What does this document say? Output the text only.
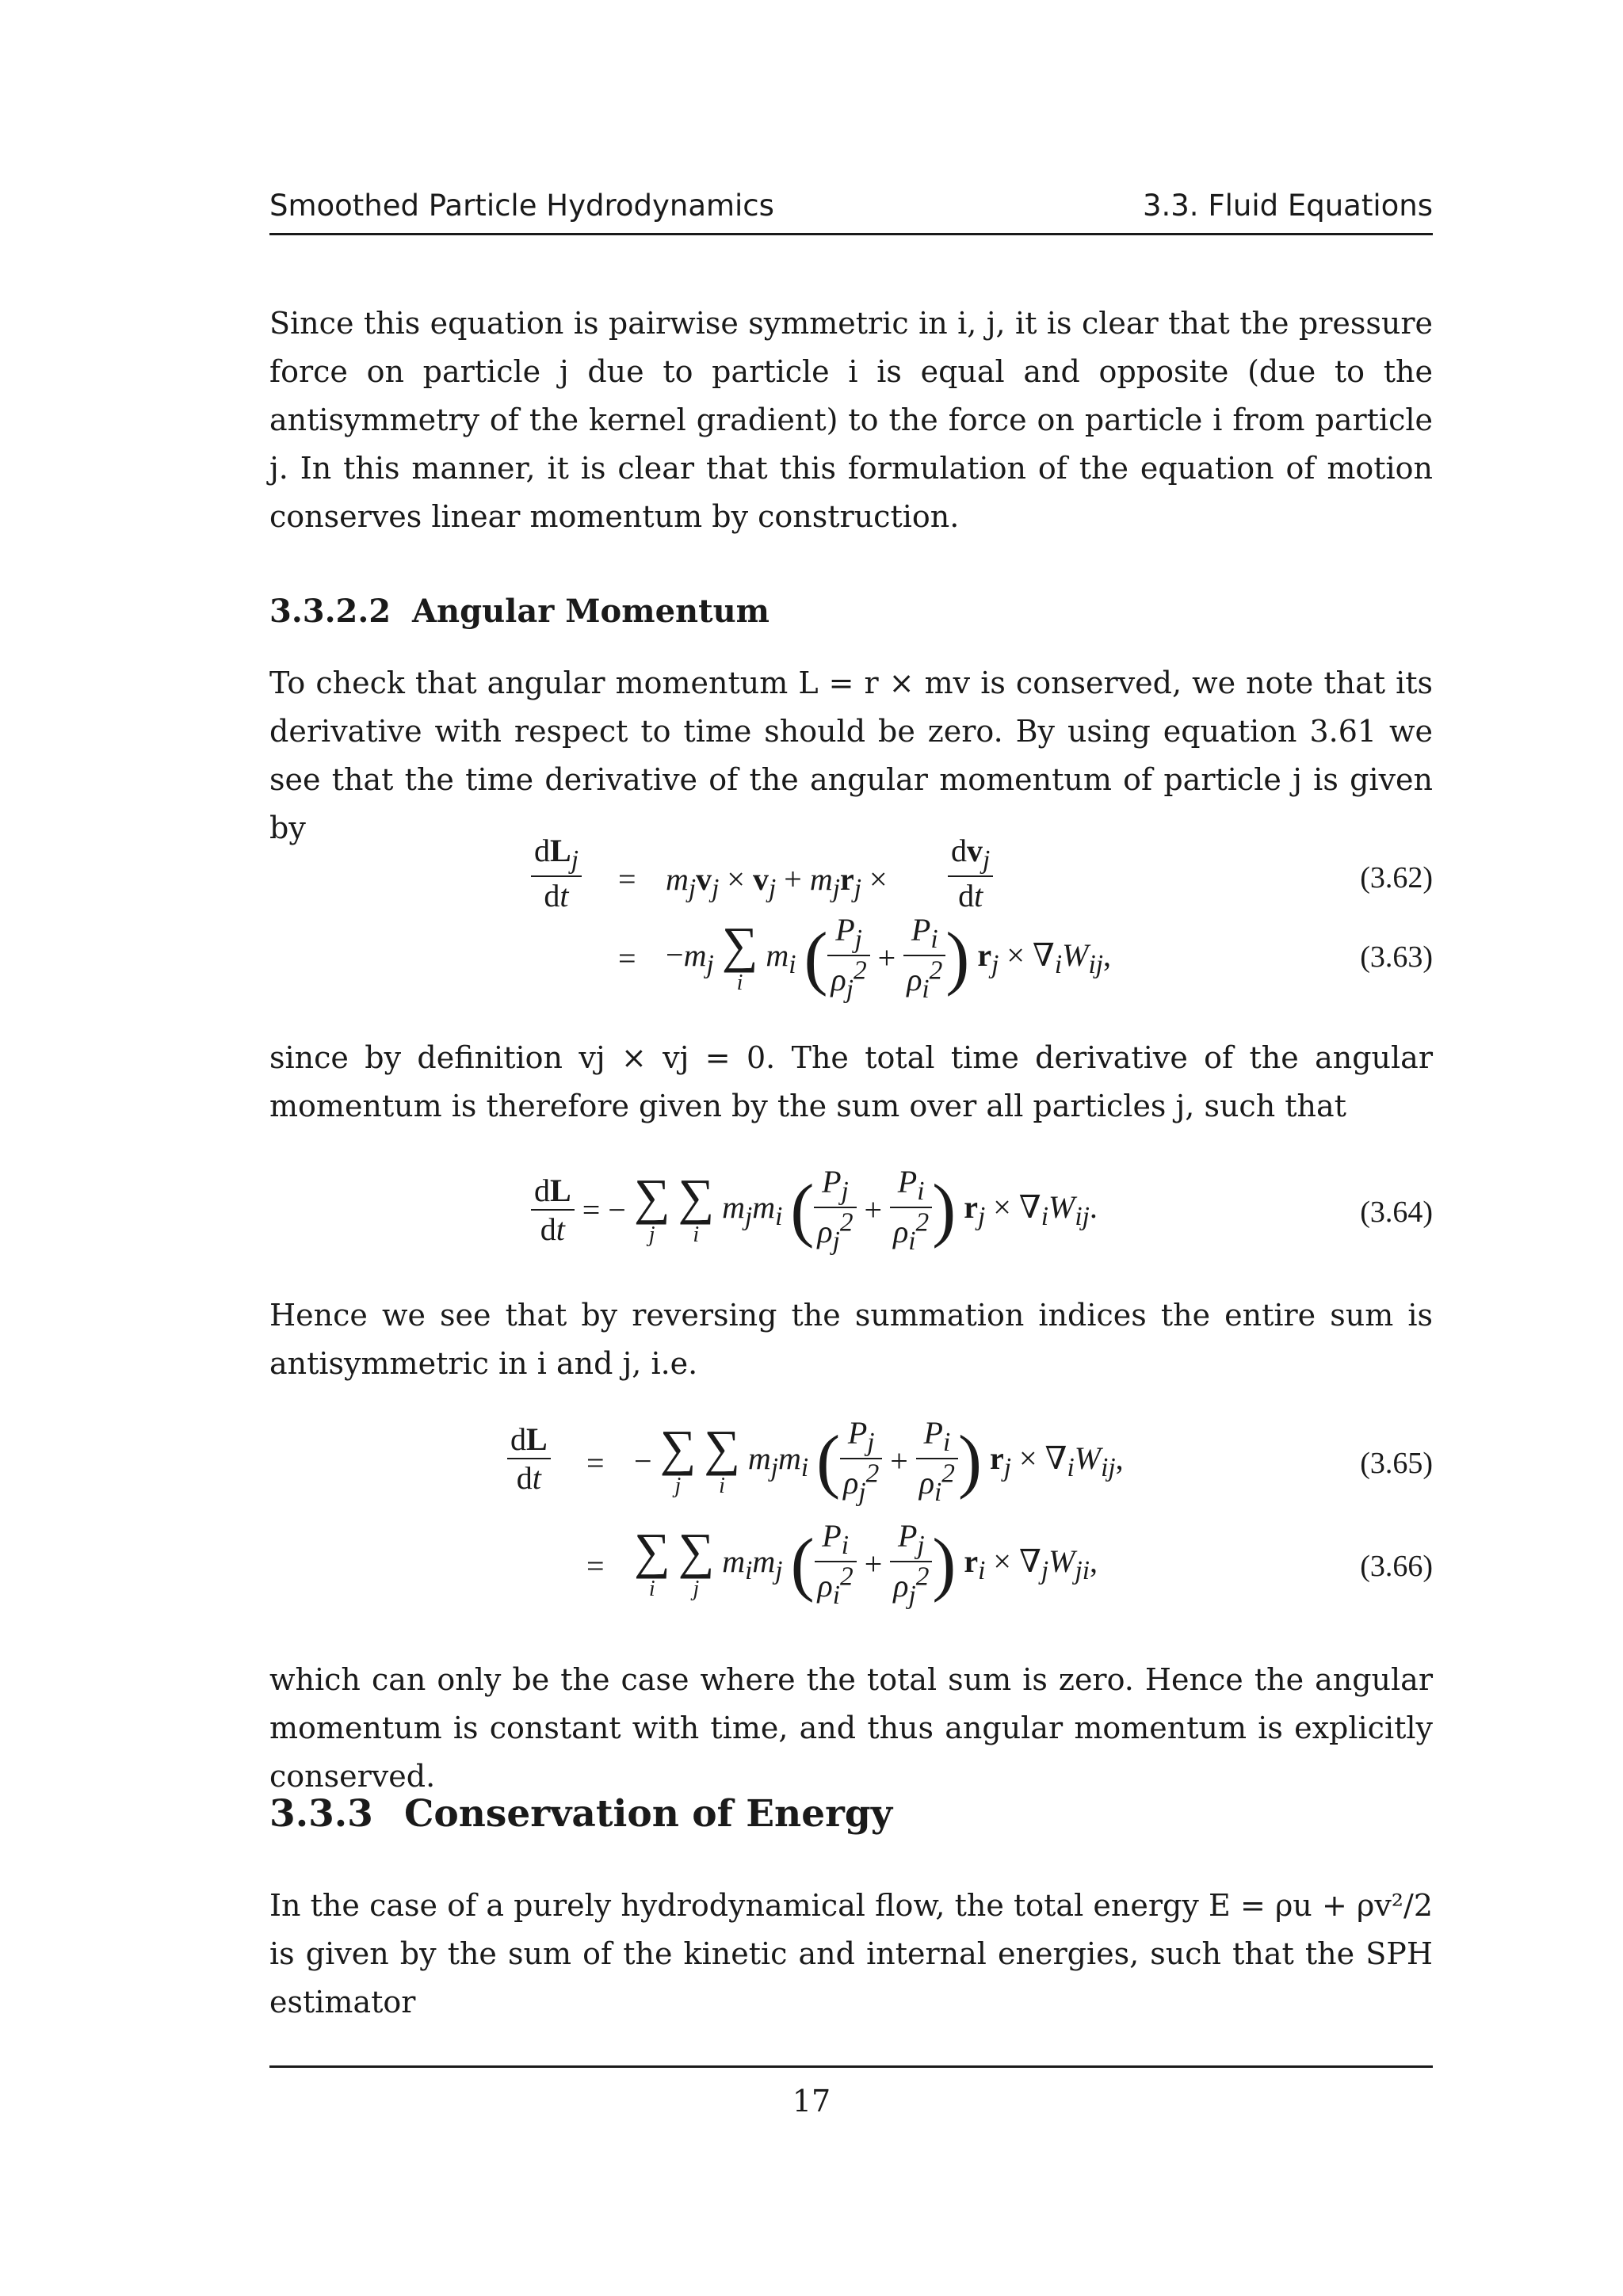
Smoothed Particle Hydrodynamics	3.3. Fluid Equations

Since this equation is pairwise symmetric in i, j, it is clear that the pressure force on particle j due to particle i is equal and opposite (due to the antisymmetry of the kernel gradient) to the force on particle i from particle j. In this manner, it is clear that this formulation of the equation of motion conserves linear momentum by construction.

3.3.2.2 Angular Momentum

To check that angular momentum L = r × mv is conserved, we note that its derivative with respect to time should be zero. By using equation 3.61 we see that the time derivative of the angular momentum of particle j is given by

$dL_j$
dt	= $m_jv_j \times v_j + m_jr_j$ ×
$dv_j$
dt	(3.62)
= $-m_j$ ∑
i
$m_i$ ( $\frac{P_j}{\rho_j^2} + \frac{P_i}{\rho_i^2}$ ) $r_j \times \nabla_iW_{ij}$,	(3.63)

since by definition vj × vj = 0. The total time derivative of the angular momentum is therefore given by the sum over all particles j, such that

$\frac{dL}{dt}$ = − ∑
j

∑
i
$m_jm_i$ ( $\frac{P_j}{\rho_j^2} + \frac{P_i}{\rho_i^2}$ ) $r_j \times \nabla_iW_{ij}$.	(3.64)

Hence we see that by reversing the summation indices the entire sum is antisymmetric in i and j, i.e.

$\frac{dL}{dt}$ = − ∑
j

∑
i
$m_jm_i$ ( $\frac{P_j}{\rho_j^2} + \frac{P_i}{\rho_i^2}$ ) $r_j \times \nabla_iW_{ij}$,	(3.65)
= ∑
i

∑
j
$m_im_j$ ( $\frac{P_i}{\rho_i^2} + \frac{P_j}{\rho_j^2}$ ) $r_i \times \nabla_jW_{ji}$,	(3.66)

which can only be the case where the total sum is zero. Hence the angular momentum is constant with time, and thus angular momentum is explicitly conserved.

3.3.3 Conservation of Energy

In the case of a purely hydrodynamical flow, the total energy E = ρu + ρv²/2 is given by the sum of the kinetic and internal energies, such that the SPH estimator

17
